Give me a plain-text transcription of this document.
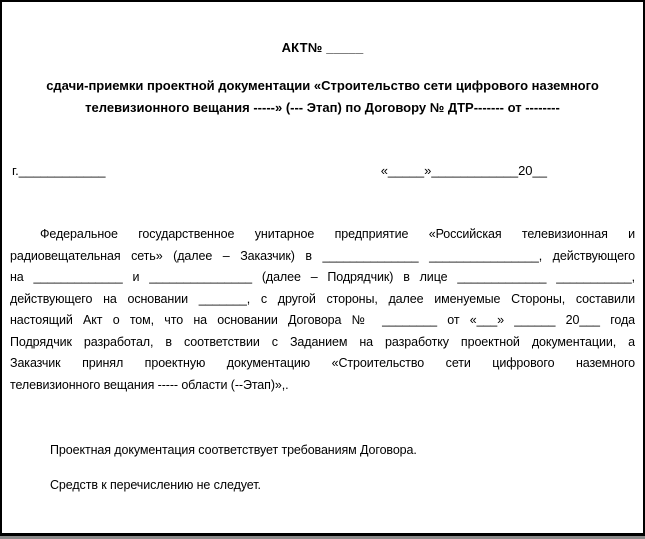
АКТ№ _____
сдачи-приемки проектной документации «Строительство сети цифрового наземного
телевизионного вещания -----» (--- Этап) по Договору № ДТР------- от --------
г.____________	«_____»____________20__
Федеральное государственное унитарное предприятие «Российская телевизионная и
радиовещательная сеть» (далее – Заказчик) в ______________ ________________, действующего
на _____________ и _______________ (далее – Подрядчик) в лице _____________ ___________,
действующего на основании _______, с другой стороны, далее именуемые Стороны, составили
настоящий Акт о том, что на основании Договора № ________ от «___» ______ 20___ года
Подрядчик разработал, в соответствии с Заданием на разработку проектной документации, а
Заказчик принял проектную документацию «Строительство сети цифрового наземного
телевизионного вещания ----- области (--Этап)»,.
Проектная документация соответствует требованиям Договора.
Средств к перечислению не следует.
